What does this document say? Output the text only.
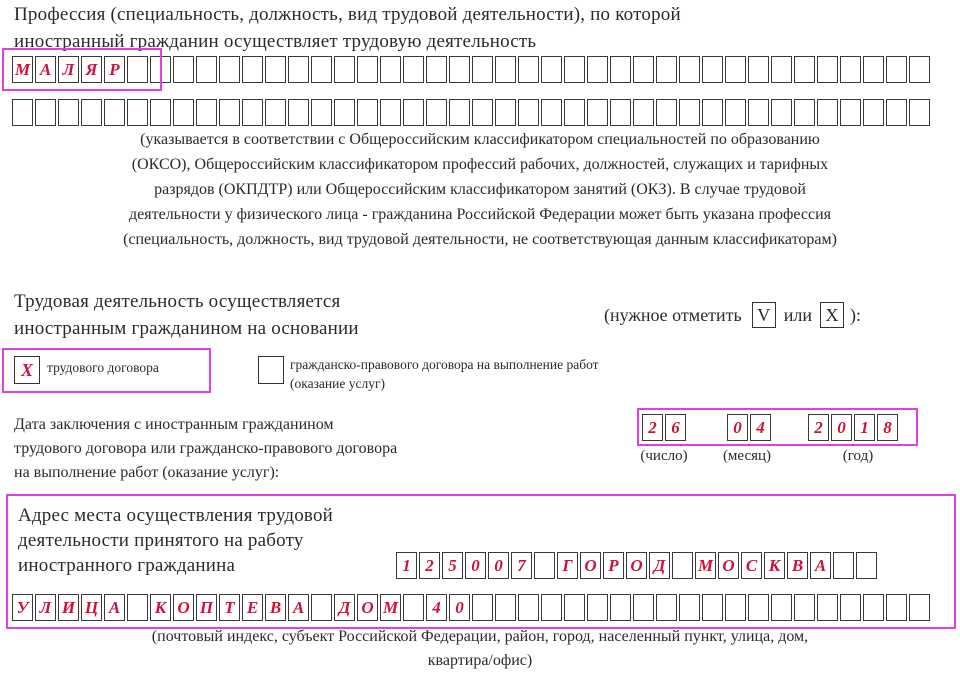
Профессия (специальность, должность, вид трудовой деятельности), по которой
иностранный гражданин осуществляет трудовую деятельность
М А Л Я Р
(указывается в соответствии с Общероссийским классификатором специальностей по образованию
(ОКСО), Общероссийским классификатором профессий рабочих, должностей, служащих и тарифных
разрядов (ОКПДТР) или Общероссийским классификатором занятий (ОКЗ). В случае трудовой
деятельности у физического лица - гражданина Российской Федерации может быть указана профессия
(специальность, должность, вид трудовой деятельности, не соответствующая данным классификаторам)
Трудовая деятельность осуществляется
иностранным гражданином на основании
(нужное отметить V или X ):
X	трудового договора	гражданско-правового договора на выполнение работ
(оказание услуг)
Дата заключения с иностранным гражданином
трудового договора или гражданско-правового договора
на выполнение работ (оказание услуг):
2 6	0 4	2 0 1 8
(число)	(месяц)	(год)
Адрес места осуществления трудовой
деятельности принятого на работу
иностранного гражданина	1 2 5 0 0 7	Г О Р О Д М О С К В А
У Л И Ц А К О П Т Е В А Д О М	4 0
(почтовый индекс, субъект Российской Федерации, район, город, населенный пункт, улица, дом,
квартира/офис)
